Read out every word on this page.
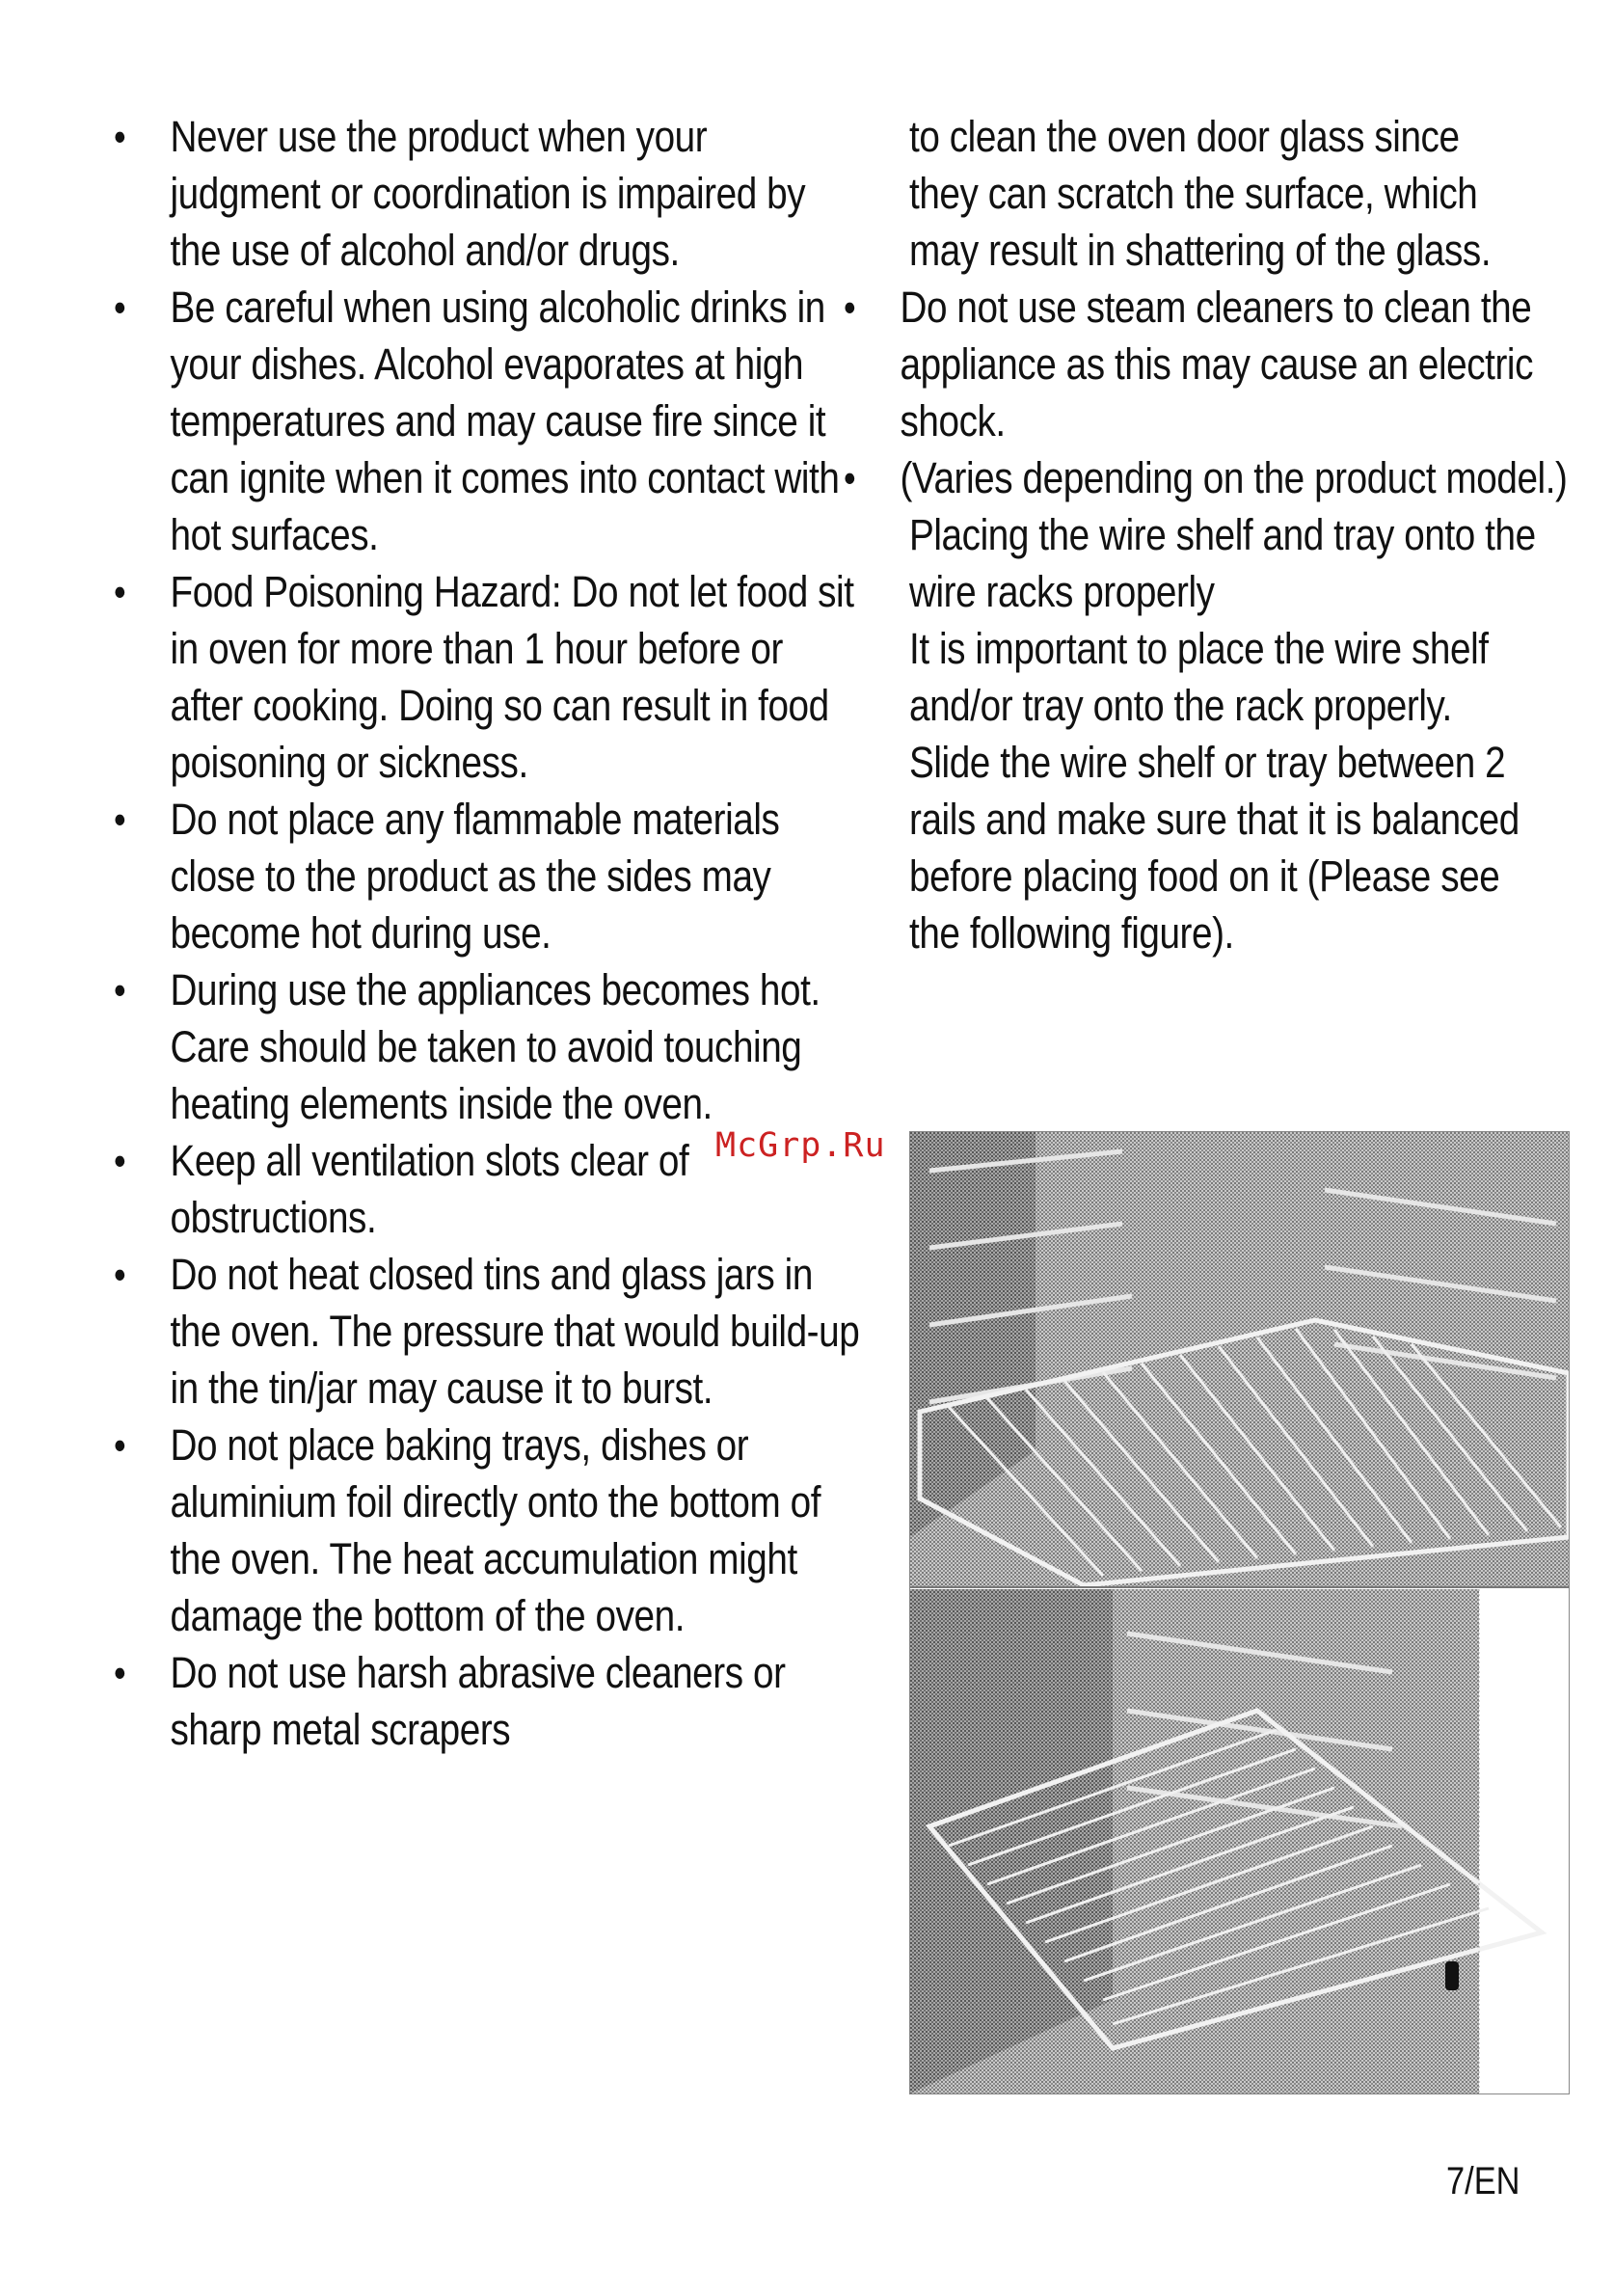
•	Never use the product when your judgment or coordination is impaired by the use of alcohol and/or drugs.
•	Be careful when using alcoholic drinks in your dishes. Alcohol evaporates at high temperatures and may cause fire since it can ignite when it comes into contact with hot surfaces.
•	Food Poisoning Hazard: Do not let food sit in oven for more than 1 hour before or after cooking. Doing so can result in food poisoning or sickness.
•	Do not place any flammable materials close to the product as the sides may become hot during use.
•	During use the appliances becomes hot. Care should be taken to avoid touching heating elements inside the oven.
•	Keep all ventilation slots clear of obstructions.
•	Do not heat closed tins and glass jars in the oven. The pressure that would build-up in the tin/jar may cause it to burst.
•	Do not place baking trays, dishes or aluminium foil directly onto the bottom of the oven. The heat accumulation might damage the bottom of the oven.
•	Do not use harsh abrasive cleaners or sharp metal scrapers

to clean the oven door glass since they can scratch the surface, which may result in shattering of the glass.

•	Do not use steam cleaners to clean the appliance as this may cause an electric shock.
•	(Varies depending on the product model.)

Placing the wire shelf and tray onto the wire racks properly

It is important to place the wire shelf and/or tray onto the rack properly. Slide the wire shelf or tray between 2 rails and make sure that it is balanced before placing food on it (Please see the following figure).

McGrp.Ru
7/EN
